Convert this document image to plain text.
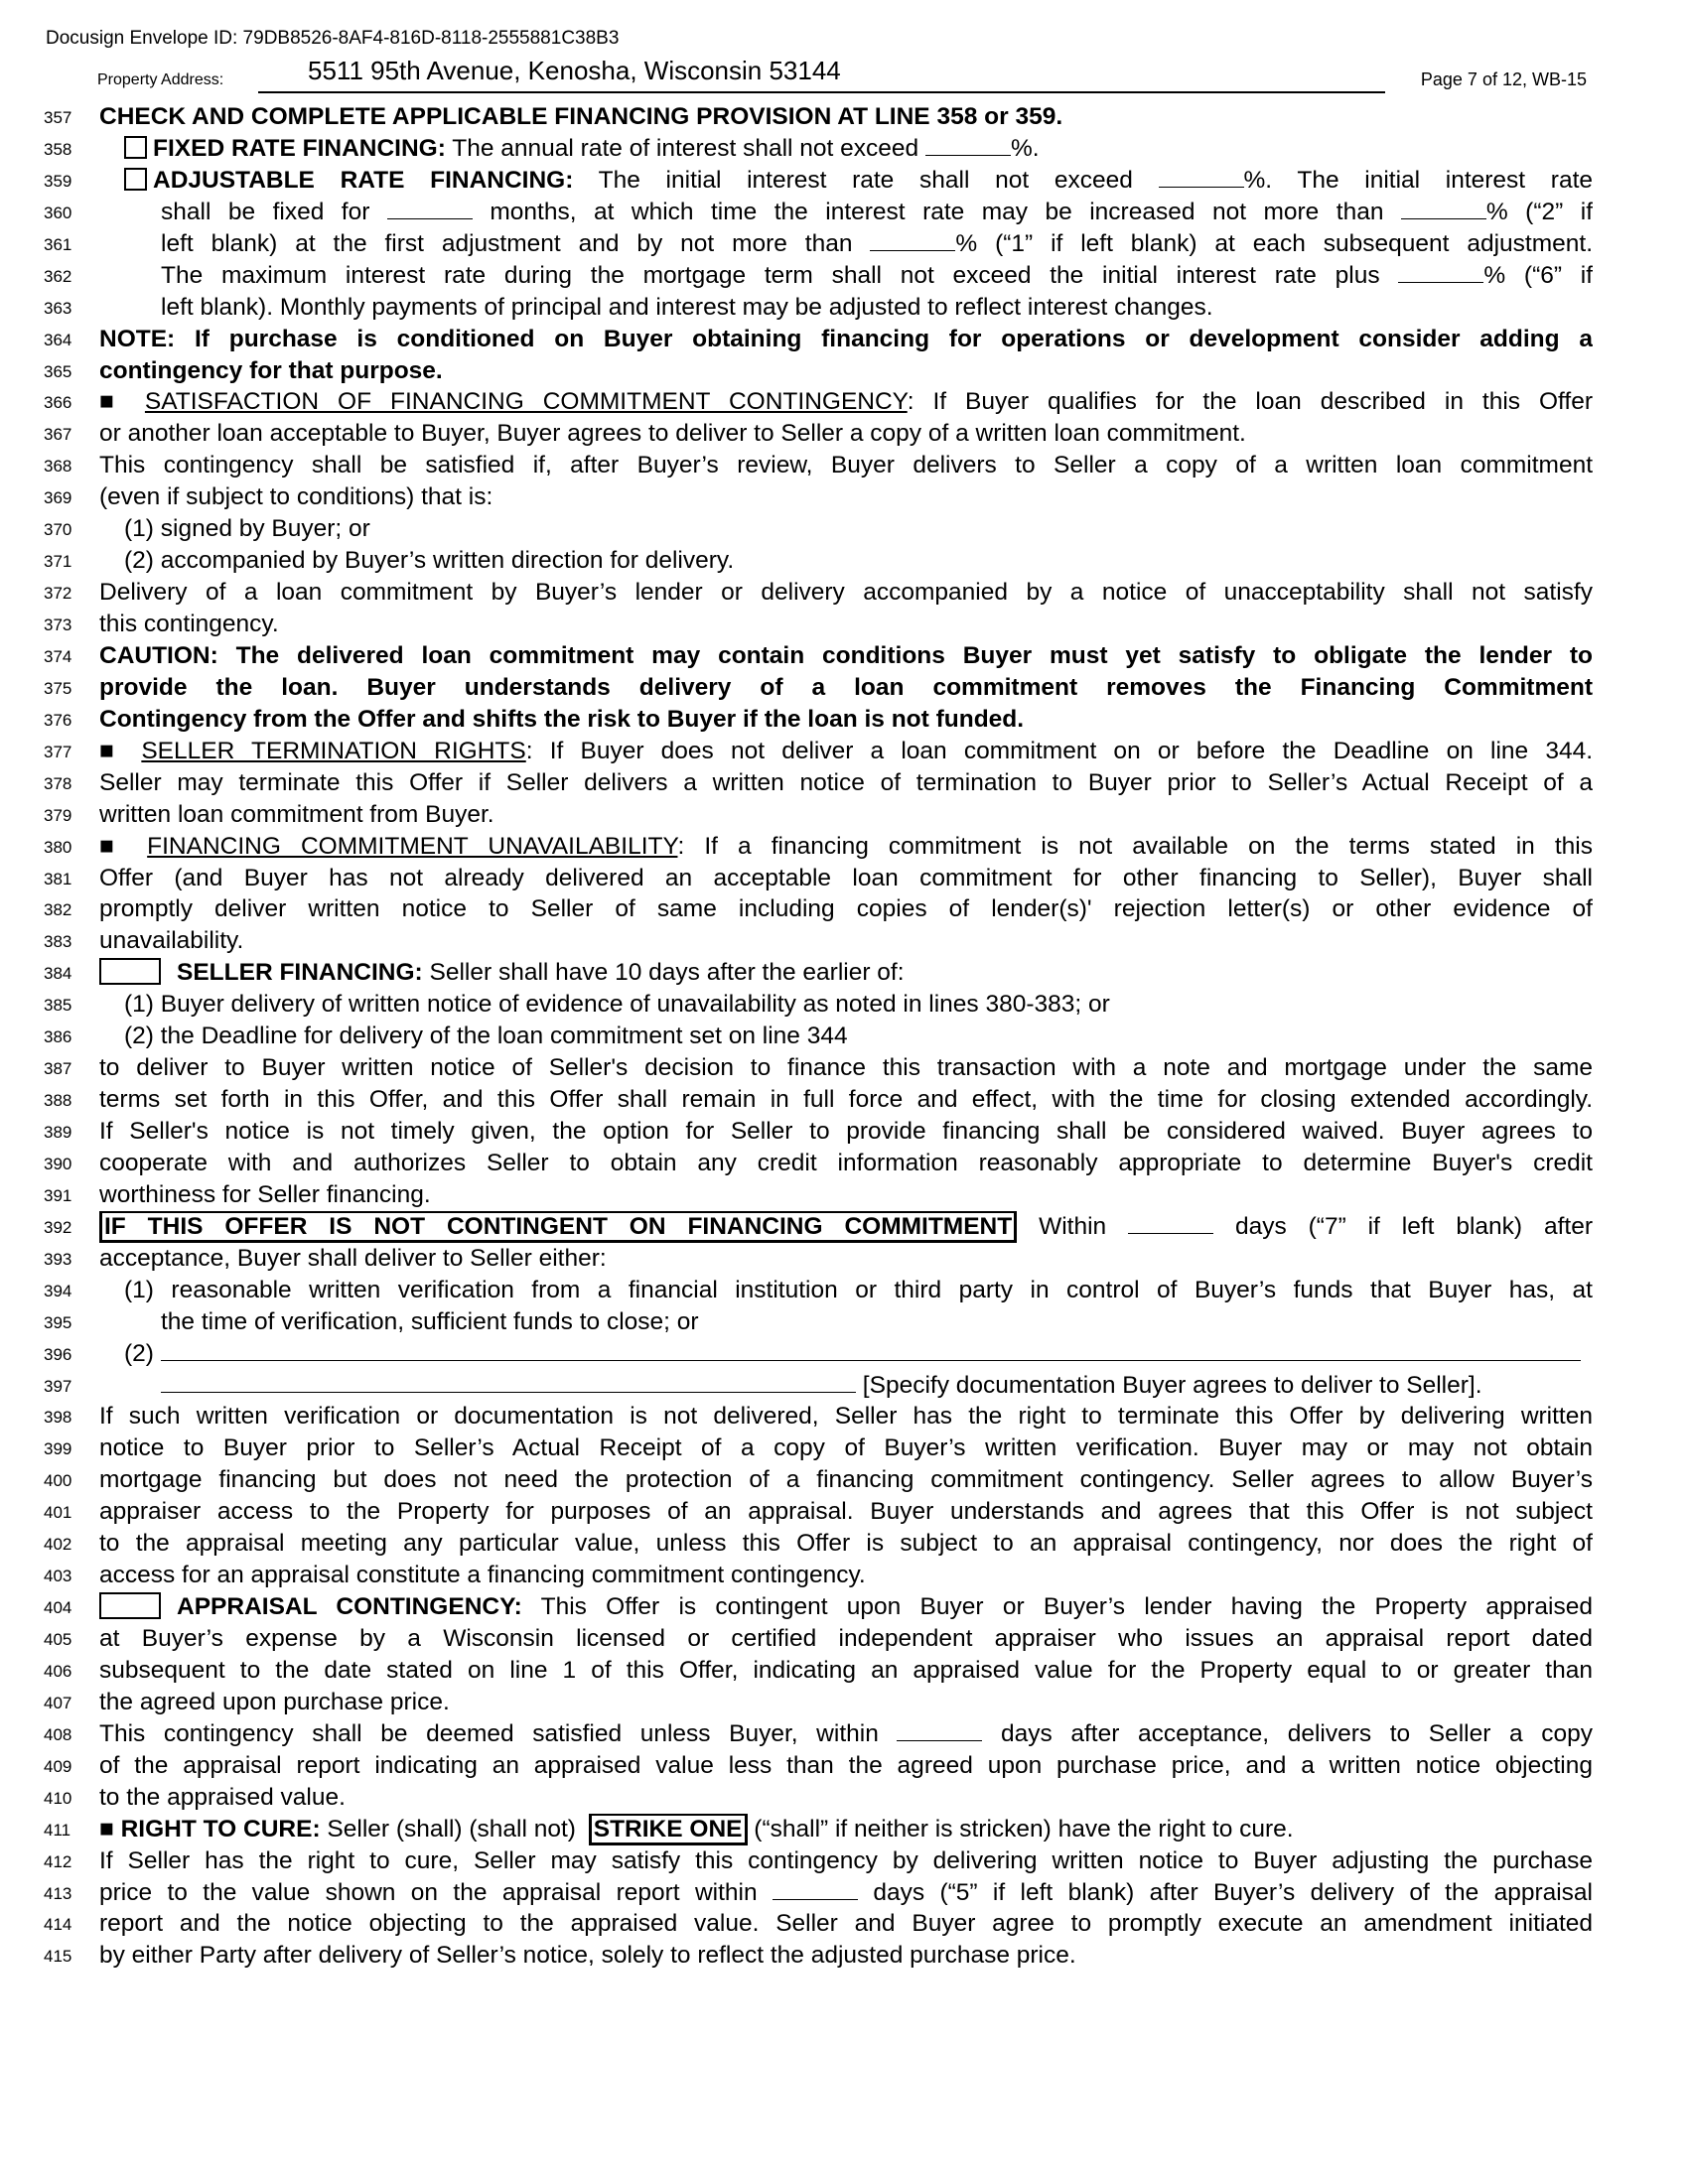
Docusign Envelope ID: 79DB8526-8AF4-816D-8118-2555881C38B3
Property Address:	5511 95th Avenue, Kenosha, Wisconsin 53144	Page 7 of 12, WB-15
357	CHECK AND COMPLETE APPLICABLE FINANCING PROVISION AT LINE 358 or 359.
358	FIXED RATE FINANCING: The annual rate of interest shall not exceed	%.
359	ADJUSTABLE RATE FINANCING: The initial interest rate shall not exceed	%. The initial interest rate
360	shall be fixed for	months, at which time the interest rate may be increased not more than	% (“2” if
361	left blank) at the first adjustment and by not more than	% (“1” if left blank) at each subsequent adjustment.
362	The maximum interest rate during the mortgage term shall not exceed the initial interest rate plus	% (“6” if
363	left blank). Monthly payments of principal and interest may be adjusted to reflect interest changes.
364	NOTE: If purchase is conditioned on Buyer obtaining financing for operations or development consider adding a
365	contingency for that purpose.
366	■ SATISFACTION OF FINANCING COMMITMENT CONTINGENCY: If Buyer qualifies for the loan described in this Offer
367	or another loan acceptable to Buyer, Buyer agrees to deliver to Seller a copy of a written loan commitment.
368	This contingency shall be satisfied if, after Buyer’s review, Buyer delivers to Seller a copy of a written loan commitment
369	(even if subject to conditions) that is:
370	(1) signed by Buyer; or
371	(2) accompanied by Buyer’s written direction for delivery.
372	Delivery of a loan commitment by Buyer’s lender or delivery accompanied by a notice of unacceptability shall not satisfy
373	this contingency.
374	CAUTION: The delivered loan commitment may contain conditions Buyer must yet satisfy to obligate the lender to
375	provide the loan. Buyer understands delivery of a loan commitment removes the Financing Commitment
376	Contingency from the Offer and shifts the risk to Buyer if the loan is not funded.
377	■ SELLER TERMINATION RIGHTS: If Buyer does not deliver a loan commitment on or before the Deadline on line 344.
378	Seller may terminate this Offer if Seller delivers a written notice of termination to Buyer prior to Seller’s Actual Receipt of a
379	written loan commitment from Buyer.
380	■ FINANCING COMMITMENT UNAVAILABILITY: If a financing commitment is not available on the terms stated in this
381	Offer (and Buyer has not already delivered an acceptable loan commitment for other financing to Seller), Buyer shall
382	promptly deliver written notice to Seller of same including copies of lender(s)' rejection letter(s) or other evidence of
383	unavailability.
384	SELLER FINANCING: Seller shall have 10 days after the earlier of:
385	(1) Buyer delivery of written notice of evidence of unavailability as noted in lines 380-383; or
386	(2) the Deadline for delivery of the loan commitment set on line 344
387	to deliver to Buyer written notice of Seller's decision to finance this transaction with a note and mortgage under the same
388	terms set forth in this Offer, and this Offer shall remain in full force and effect, with the time for closing extended accordingly.
389	If Seller's notice is not timely given, the option for Seller to provide financing shall be considered waived. Buyer agrees to
390	cooperate with and authorizes Seller to obtain any credit information reasonably appropriate to determine Buyer's credit
391	worthiness for Seller financing.
392	IF THIS OFFER IS NOT CONTINGENT ON FINANCING COMMITMENT Within	days (“7” if left blank) after
393	acceptance, Buyer shall deliver to Seller either:
394	(1) reasonable written verification from a financial institution or third party in control of Buyer’s funds that Buyer has, at
395	the time of verification, sufficient funds to close; or
396	(2)
397	[Specify documentation Buyer agrees to deliver to Seller].
398	If such written verification or documentation is not delivered, Seller has the right to terminate this Offer by delivering written
399	notice to Buyer prior to Seller’s Actual Receipt of a copy of Buyer’s written verification. Buyer may or may not obtain
400	mortgage financing but does not need the protection of a financing commitment contingency. Seller agrees to allow Buyer’s
401	appraiser access to the Property for purposes of an appraisal. Buyer understands and agrees that this Offer is not subject
402	to the appraisal meeting any particular value, unless this Offer is subject to an appraisal contingency, nor does the right of
403	access for an appraisal constitute a financing commitment contingency.
404	APPRAISAL CONTINGENCY: This Offer is contingent upon Buyer or Buyer’s lender having the Property appraised
405	at Buyer’s expense by a Wisconsin licensed or certified independent appraiser who issues an appraisal report dated
406	subsequent to the date stated on line 1 of this Offer, indicating an appraised value for the Property equal to or greater than
407	the agreed upon purchase price.
408	This contingency shall be deemed satisfied unless Buyer, within	days after acceptance, delivers to Seller a copy
409	of the appraisal report indicating an appraised value less than the agreed upon purchase price, and a written notice objecting
410	to the appraised value.
411	■ RIGHT TO CURE: Seller (shall) (shall not) STRIKE ONE (“shall” if neither is stricken) have the right to cure.
412	If Seller has the right to cure, Seller may satisfy this contingency by delivering written notice to Buyer adjusting the purchase
413	price to the value shown on the appraisal report within	days (“5” if left blank) after Buyer’s delivery of the appraisal
414	report and the notice objecting to the appraised value. Seller and Buyer agree to promptly execute an amendment initiated
415	by either Party after delivery of Seller’s notice, solely to reflect the adjusted purchase price.
